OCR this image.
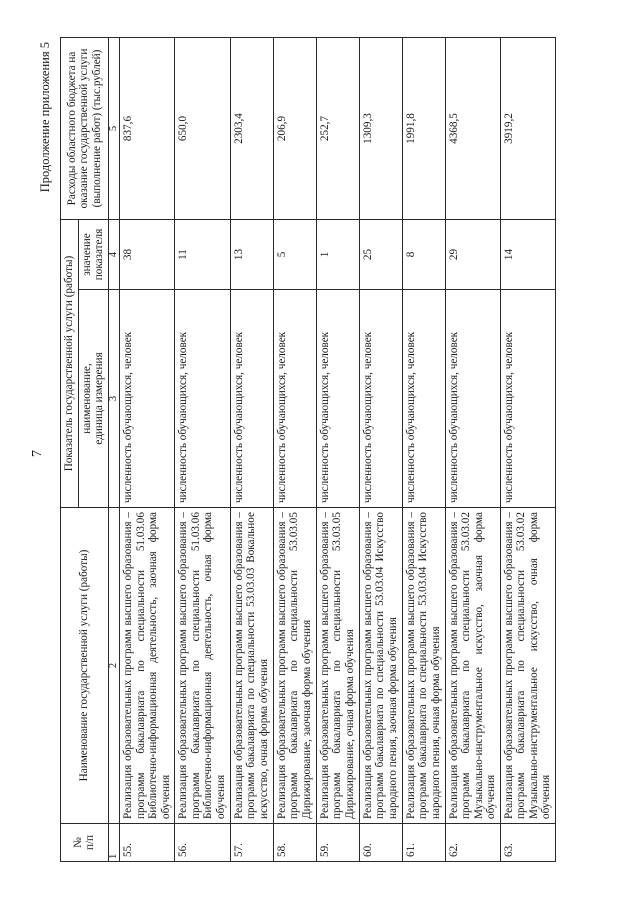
7
Продолжение приложения 5
№
п/п	Наименование государственной услуги (работы)	Показатель государственной услуги (работы)		Расходы областного бюджета на оказание государственной услуги (выполнение работ) (тыс.рублей)
		наименование,
единица измерения	значение
показателя	
1	2	3	4	5
55.	Реализация образовательных программ высшего образования – программ бакалавриата по специальности 51.03.06 Библиотечно-информационная деятельность, заочная форма обучения	численность обучающихся, человек	38	837,6
56.	Реализация образовательных программ высшего образования – программ бакалавриата по специальности 51.03.06 Библиотечно-информационная деятельность, очная форма обучения	численность обучающихся, человек	11	650,0
57.	Реализация образовательных программ высшего образования – программ бакалавриата по специальности 53.03.03 Вокальное искусство, очная форма обучения	численность обучающихся, человек	13	2303,4
58.	Реализация образовательных программ высшего образования – программ бакалавриата по специальности 53.03.05 Дирижирование, заочная форма обучения	численность обучающихся, человек	5	206,9
59.	Реализация образовательных программ высшего образования – программ бакалавриата по специальности 53.03.05 Дирижирование, очная форма обучения	численность обучающихся, человек	1	252,7
60.	Реализация образовательных программ высшего образования – программ бакалавриата по специальности 53.03.04 Искусство народного пения, заочная форма обучения	численность обучающихся, человек	25	1309,3
61.	Реализация образовательных программ высшего образования – программ бакалавриата по специальности 53.03.04 Искусство народного пения, очная форма обучения	численность обучающихся, человек	8	1991,8
62.	Реализация образовательных программ высшего образования – программ бакалавриата по специальности 53.03.02 Музыкально-инструментальное искусство, заочная форма обучения	численность обучающихся, человек	29	4368,5
63.	Реализация образовательных программ высшего образования – программ бакалавриата по специальности 53.03.02 Музыкально-инструментальное искусство, очная форма обучения	численность обучающихся, человек	14	3919,2
